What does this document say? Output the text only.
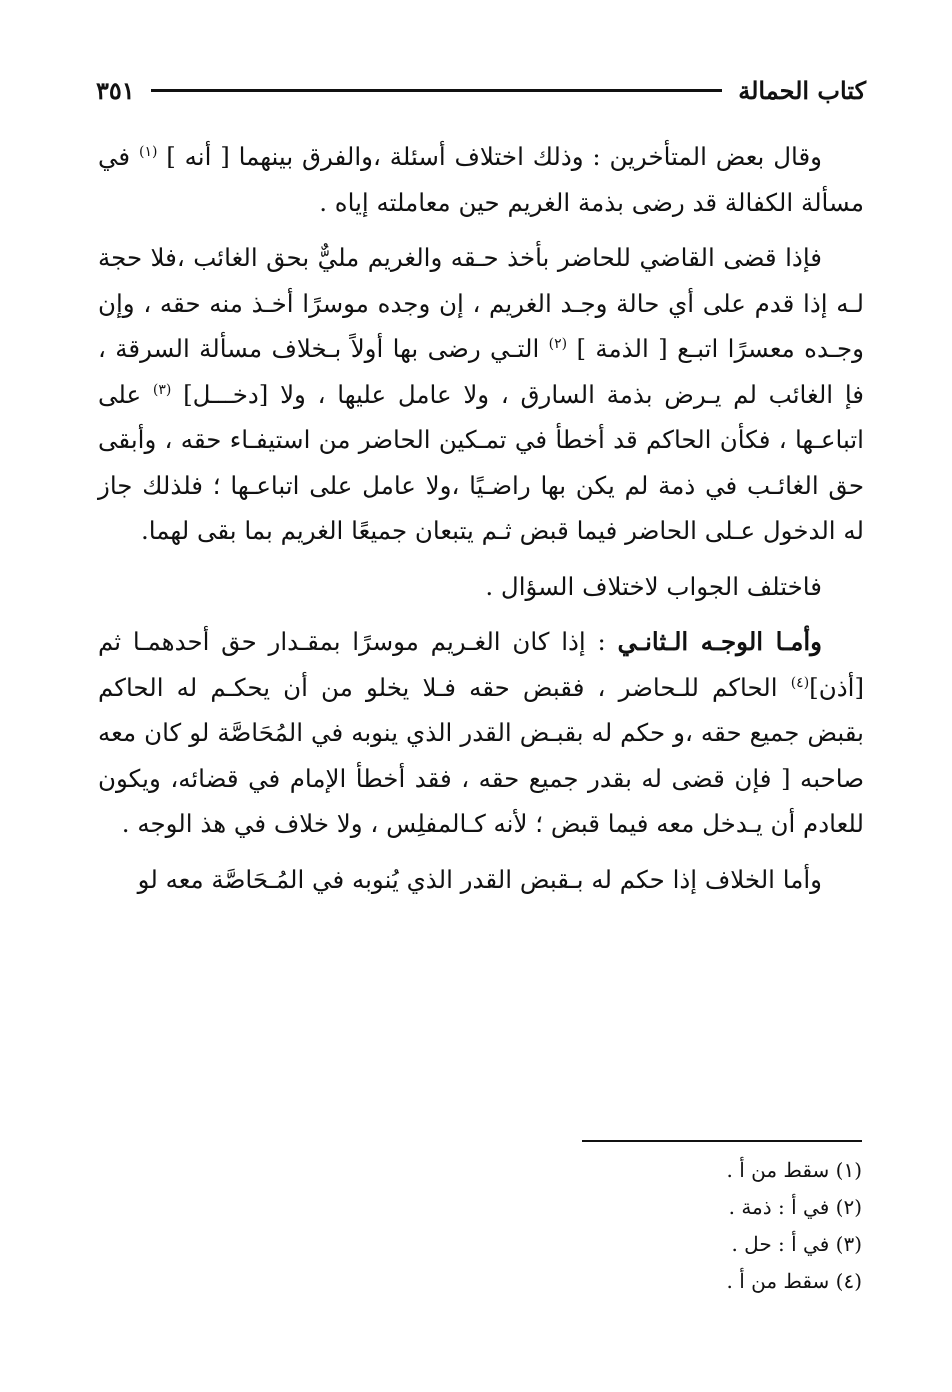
كتاب الحمالة
٣٥١

وقال بعض المتأخرين : وذلك اختلاف أسئلة ،والفرق بينهما [ أنه ] $^{(١)}$ في مسألة الكفالة قد رضى بذمة الغريم حين معاملته إياه .

فإذا قضى القاضي للحاضر بأخذ حـقه والغريم مليٌّ بحق الغائب ،فلا حجة لـه إذا قدم على أي حالة وجـد الغريم ، إن وجده موسرًا أخـذ منه حقه ، وإن وجـده معسرًا اتبـع [ الذمة ] $^{(٢)}$ التـي رضى بها أولاً بـخلاف مسألة السرقة ، فإ الغائب لم يـرض بذمة السارق ، ولا عامل عليها ، ولا [دخـــل] $^{(٣)}$ على اتباعـها ، فكأن الحاكم قد أخطأ في تمـكين الحاضر من استيفـاء حقه ، وأبقى حق الغائـب في ذمة لم يكن بها راضـيًا ،ولا عامل على اتباعـها ؛ فلذلك جاز له الدخول عـلى الحاضر فيما قبض ثـم يتبعان جميعًا الغريم بما بقى لهما.

فاختلف الجواب لاختلاف السؤال .

وأمـا الوجـه الـثانـي : إذا كان الغـريم موسرًا بمقـدار حق أحدهمـا ثم [أذن]$^{(٤)}$ الحاكم للـحاضر ، فقبض حقه فـلا يخلو من أن يحكـم له الحاكم بقبض جميع حقه ،و حكم له بقبـض القدر الذي ينوبه في المُحَاصَّة لو كان معه صاحبه [ فإن قضى له بقدر جميع حقه ، فقد أخطأ الإمام في قضائه، ويكون للعادم أن يـدخل معه فيما قبض ؛ لأنه كـالمفلِس ، ولا خلاف في هذ الوجه .

وأما الخلاف إذا حكم له بـقبض القدر الذي يُنوبه في المُـحَاصَّة معه لو

(١) سقط من أ .
(٢) في أ : ذمة .
(٣) في أ : حل .
(٤) سقط من أ .
